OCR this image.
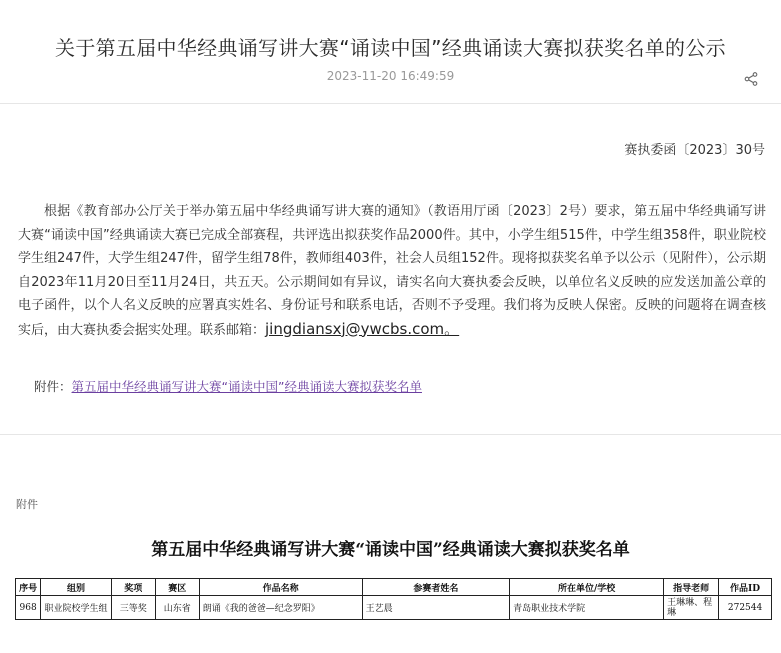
关于第五届中华经典诵写讲大赛“诵读中国”经典诵读大赛拟获奖名单的公示
2023-11-20 16:49:59
赛执委函〔2023〕30号
根据《教育部办公厅关于举办第五届中华经典诵写讲大赛的通知》（教语用厅函〔2023〕2号）要求，第五届中华经典诵写讲大赛“诵读中国”经典诵读大赛已完成全部赛程，共评选出拟获奖作品2000件。其中，小学生组515件，中学生组358件，职业院校学生组247件，大学生组247件，留学生组78件，教师组403件，社会人员组152件。现将拟获奖名单予以公示（见附件），公示期自2023年11月20日至11月24日，共五天。公示期间如有异议，请实名向大赛执委会反映，以单位名义反映的应发送加盖公章的电子函件，以个人名义反映的应署真实姓名、身份证号和联系电话，否则不予受理。我们将为反映人保密。反映的问题将在调查核实后，由大赛执委会据实处理。联系邮箱：jingdiansxj@ywcbs.com。
附件：第五届中华经典诵写讲大赛“诵读中国”经典诵读大赛拟获奖名单
附件
第五届中华经典诵写讲大赛“诵读中国”经典诵读大赛拟获奖名单
序号	组别	奖项	赛区	作品名称	参赛者姓名	所在单位/学校	指导老师	作品ID
968	职业院校学生组	三等奖	山东省	朗诵《我的爸爸—纪念罗阳》	王艺晨	青岛职业技术学院	王琳琳、程琳	272544
